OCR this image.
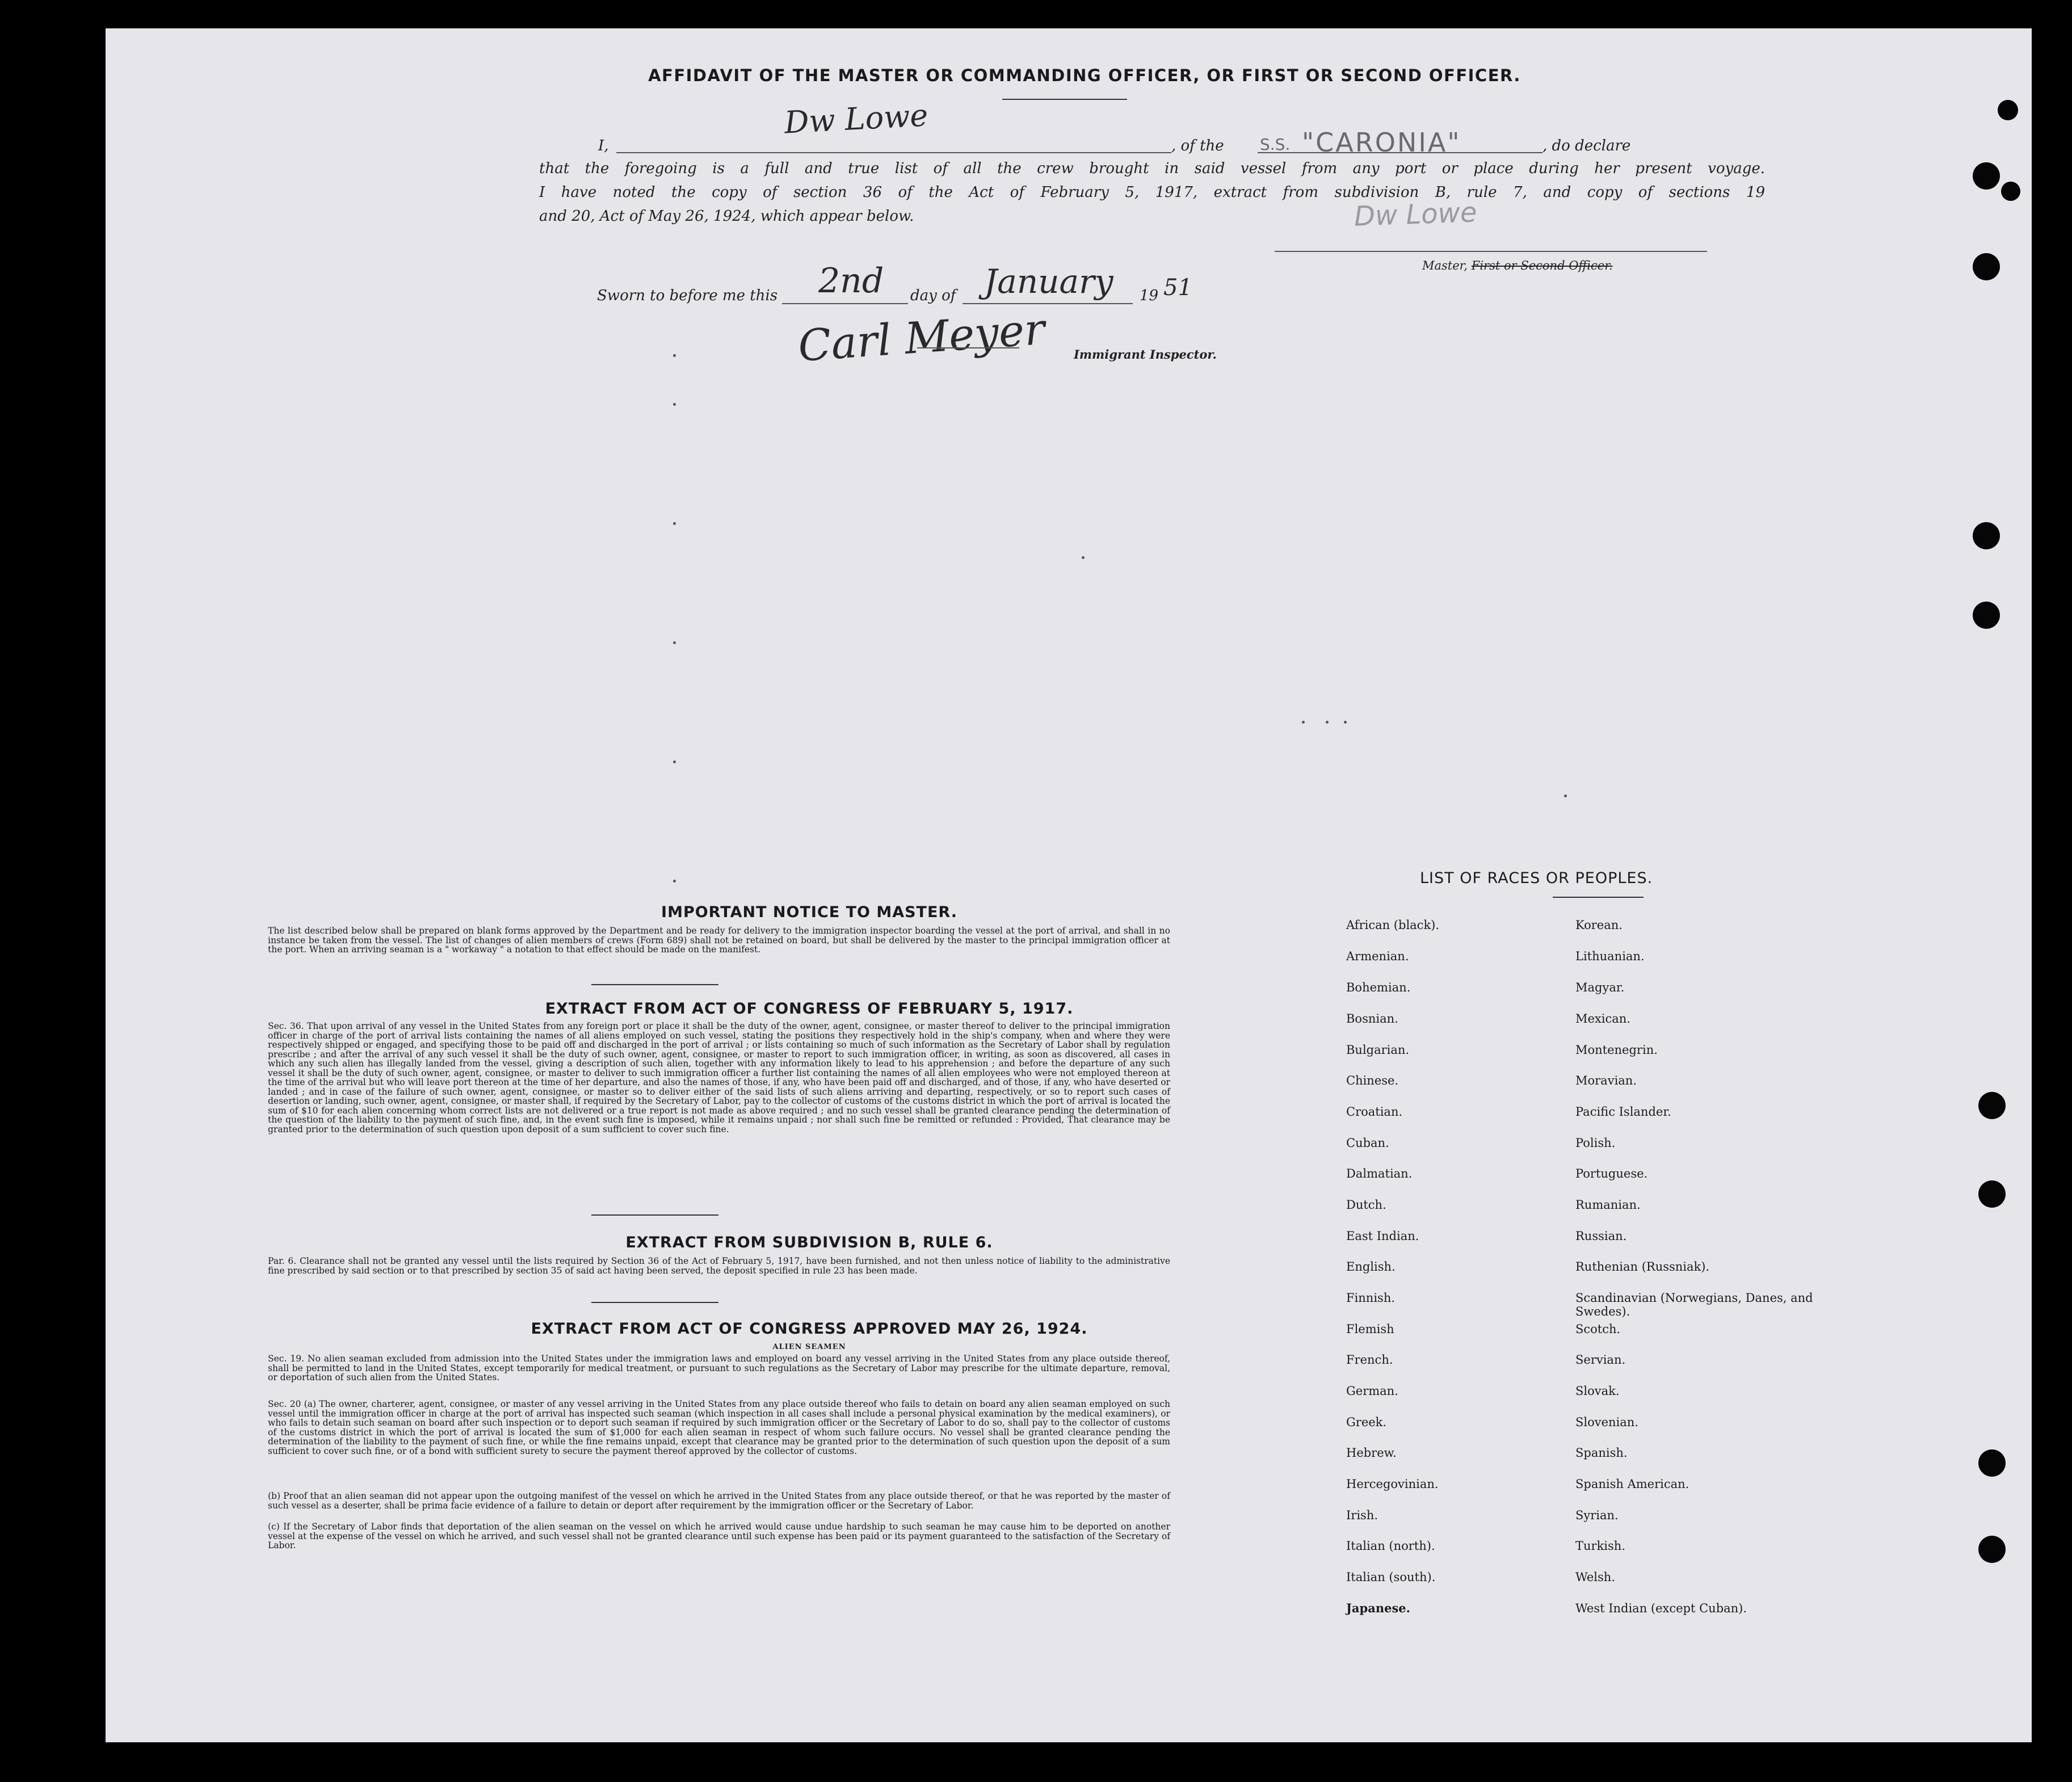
AFFIDAVIT OF THE MASTER OR COMMANDING OFFICER, OR FIRST OR SECOND OFFICER.
Dw Lowe
I,	, of the S.S. "CARONIA"	, do declare
that the foregoing is a full and true list of all the crew brought in said vessel from any port or place during her present voyage.
I have noted the copy of section 36 of the Act of February 5, 1917, extract from subdivision B, rule 7, and copy of sections 19
and 20, Act of May 26, 1924, which appear below.	Dw Lowe
Master, First or Second Officer.
Sworn to before me this 2nd day of January 19 51
Carl Meyer Immigrant Inspector.
IMPORTANT NOTICE TO MASTER.
The list described below shall be prepared on blank forms approved by the Department and be ready for delivery to the immigration inspector boarding the vessel at the port of arrival, and shall in no instance be taken from the vessel. The list of changes of alien members of crews (Form 689) shall not be retained on board, but shall be delivered by the master to the principal immigration officer at the port. When an arriving seaman is a " workaway " a notation to that effect should be made on the manifest.
EXTRACT FROM ACT OF CONGRESS OF FEBRUARY 5, 1917.
Sec. 36. That upon arrival of any vessel in the United States from any foreign port or place it shall be the duty of the owner, agent, consignee, or master thereof to deliver to the principal immigration officer in charge of the port of arrival lists containing the names of all aliens employed on such vessel, stating the positions they respectively hold in the ship's company, when and where they were respectively shipped or engaged, and specifying those to be paid off and discharged in the port of arrival ; or lists containing so much of such information as the Secretary of Labor shall by regulation prescribe ; and after the arrival of any such vessel it shall be the duty of such owner, agent, consignee, or master to report to such immigration officer, in writing, as soon as discovered, all cases in which any such alien has illegally landed from the vessel, giving a description of such alien, together with any information likely to lead to his apprehension ; and before the departure of any such vessel it shall be the duty of such owner, agent, consignee, or master to deliver to such immigration officer a further list containing the names of all alien employees who were not employed thereon at the time of the arrival but who will leave port thereon at the time of her departure, and also the names of those, if any, who have been paid off and discharged, and of those, if any, who have deserted or landed ; and in case of the failure of such owner, agent, consignee, or master so to deliver either of the said lists of such aliens arriving and departing, respectively, or so to report such cases of desertion or landing, such owner, agent, consignee, or master shall, if required by the Secretary of Labor, pay to the collector of customs of the customs district in which the port of arrival is located the sum of $10 for each alien concerning whom correct lists are not delivered or a true report is not made as above required ; and no such vessel shall be granted clearance pending the determination of the question of the liability to the payment of such fine, and, in the event such fine is imposed, while it remains unpaid ; nor shall such fine be remitted or refunded : Provided, That clearance may be granted prior to the determination of such question upon deposit of a sum sufficient to cover such fine.
EXTRACT FROM SUBDIVISION B, RULE 6.
Par. 6. Clearance shall not be granted any vessel until the lists required by Section 36 of the Act of February 5, 1917, have been furnished, and not then unless notice of liability to the administrative fine prescribed by said section or to that prescribed by section 35 of said act having been served, the deposit specified in rule 23 has been made.
EXTRACT FROM ACT OF CONGRESS APPROVED MAY 26, 1924.
ALIEN SEAMEN
Sec. 19. No alien seaman excluded from admission into the United States under the immigration laws and employed on board any vessel arriving in the United States from any place outside thereof, shall be permitted to land in the United States, except temporarily for medical treatment, or pursuant to such regulations as the Secretary of Labor may prescribe for the ultimate departure, removal, or deportation of such alien from the United States.
Sec. 20 (a) The owner, charterer, agent, consignee, or master of any vessel arriving in the United States from any place outside thereof who fails to detain on board any alien seaman employed on such vessel until the immigration officer in charge at the port of arrival has inspected such seaman (which inspection in all cases shall include a personal physical examination by the medical examiners), or who fails to detain such seaman on board after such inspection or to deport such seaman if required by such immigration officer or the Secretary of Labor to do so, shall pay to the collector of customs of the customs district in which the port of arrival is located the sum of $1,000 for each alien seaman in respect of whom such failure occurs. No vessel shall be granted clearance pending the determination of the liability to the payment of such fine, or while the fine remains unpaid, except that clearance may be granted prior to the determination of such question upon the deposit of a sum sufficient to cover such fine, or of a bond with sufficient surety to secure the payment thereof approved by the collector of customs.
(b) Proof that an alien seaman did not appear upon the outgoing manifest of the vessel on which he arrived in the United States from any place outside thereof, or that he was reported by the master of such vessel as a deserter, shall be prima facie evidence of a failure to detain or deport after requirement by the immigration officer or the Secretary of Labor.
(c) If the Secretary of Labor finds that deportation of the alien seaman on the vessel on which he arrived would cause undue hardship to such seaman he may cause him to be deported on another vessel at the expense of the vessel on which he arrived, and such vessel shall not be granted clearance until such expense has been paid or its payment guaranteed to the satisfaction of the Secretary of Labor.
LIST OF RACES OR PEOPLES.
African (black).
Armenian.
Bohemian.
Bosnian.
Bulgarian.
Chinese.
Croatian.
Cuban.
Dalmatian.
Dutch.
East Indian.
English.
Finnish.
Flemish
French.
German.
Greek.
Hebrew.
Hercegovinian.
Irish.
Italian (north).
Italian (south).
Japanese.
Korean.
Lithuanian.
Magyar.
Mexican.
Montenegrin.
Moravian.
Pacific Islander.
Polish.
Portuguese.
Rumanian.
Russian.
Ruthenian (Russniak).
Scandinavian (Norwegians, Danes, and Swedes).
Scotch.
Servian.
Slovak.
Slovenian.
Spanish.
Spanish American.
Syrian.
Turkish.
Welsh.
West Indian (except Cuban).
